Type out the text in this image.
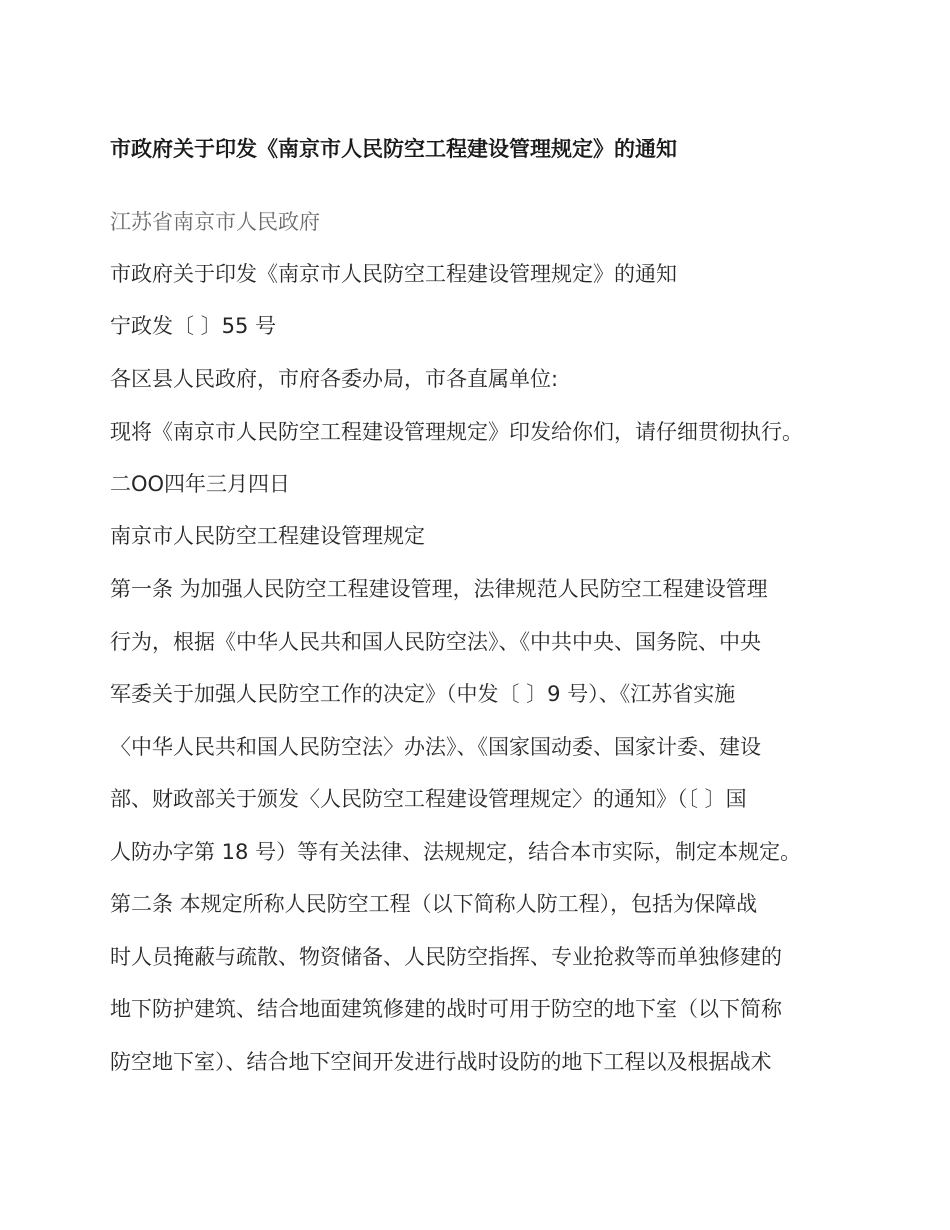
市政府关于印发《南京市人民防空工程建设管理规定》的通知
江苏省南京市人民政府
市政府关于印发《南京市人民防空工程建设管理规定》的通知
宁政发〔 〕55 号
各区县人民政府，市府各委办局，市各直属单位:
现将《南京市人民防空工程建设管理规定》印发给你们，请仔细贯彻执行。
二OO四年三月四日
南京市人民防空工程建设管理规定
第一条 为加强人民防空工程建设管理，法律规范人民防空工程建设管理
行为，根据《中华人民共和国人民防空法》、《中共中央、国务院、中央
军委关于加强人民防空工作的决定》（中发〔 〕9 号）、《江苏省实施
〈中华人民共和国人民防空法〉办法》、《国家国动委、国家计委、建设
部、财政部关于颁发〈人民防空工程建设管理规定〉的通知》（〔 〕国
人防办字第 18 号）等有关法律、法规规定，结合本市实际，制定本规定。
第二条 本规定所称人民防空工程（以下简称人防工程），包括为保障战
时人员掩蔽与疏散、物资储备、人民防空指挥、专业抢救等而单独修建的
地下防护建筑、结合地面建筑修建的战时可用于防空的地下室（以下简称
防空地下室）、结合地下空间开发进行战时设防的地下工程以及根据战术
